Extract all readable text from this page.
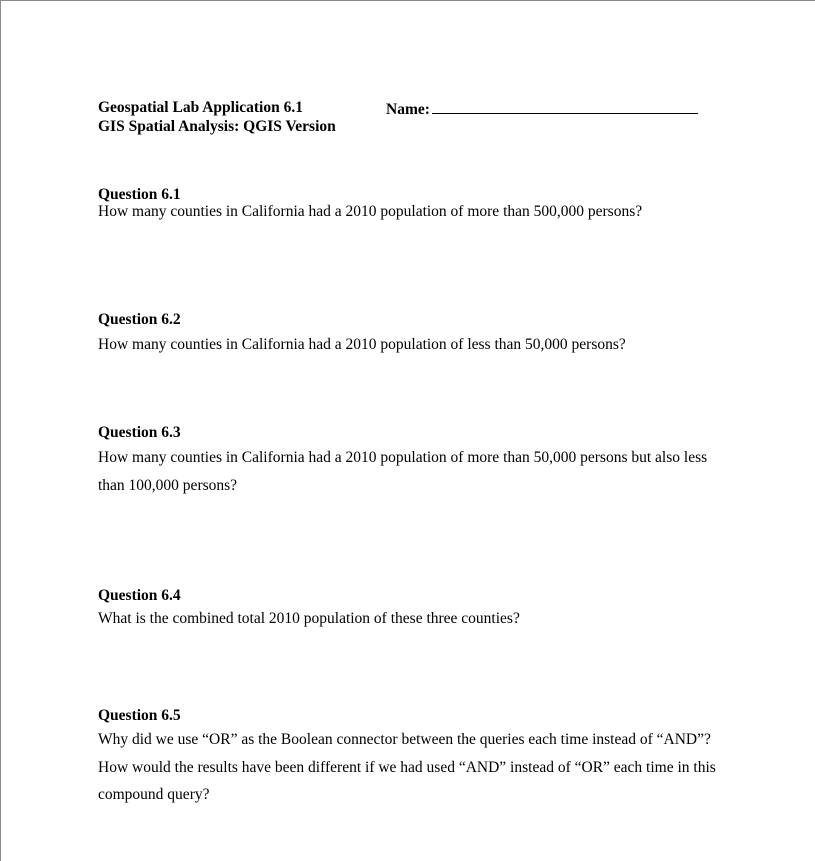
Geospatial Lab Application 6.1
GIS Spatial Analysis: QGIS Version
Name:
Question 6.1
How many counties in California had a 2010 population of more than 500,000 persons?
Question 6.2
How many counties in California had a 2010 population of less than 50,000 persons?
Question 6.3
How many counties in California had a 2010 population of more than 50,000 persons but also less than 100,000 persons?
Question 6.4
What is the combined total 2010 population of these three counties?
Question 6.5
Why did we use “OR” as the Boolean connector between the queries each time instead of “AND”? How would the results have been different if we had used “AND” instead of “OR” each time in this compound query?
